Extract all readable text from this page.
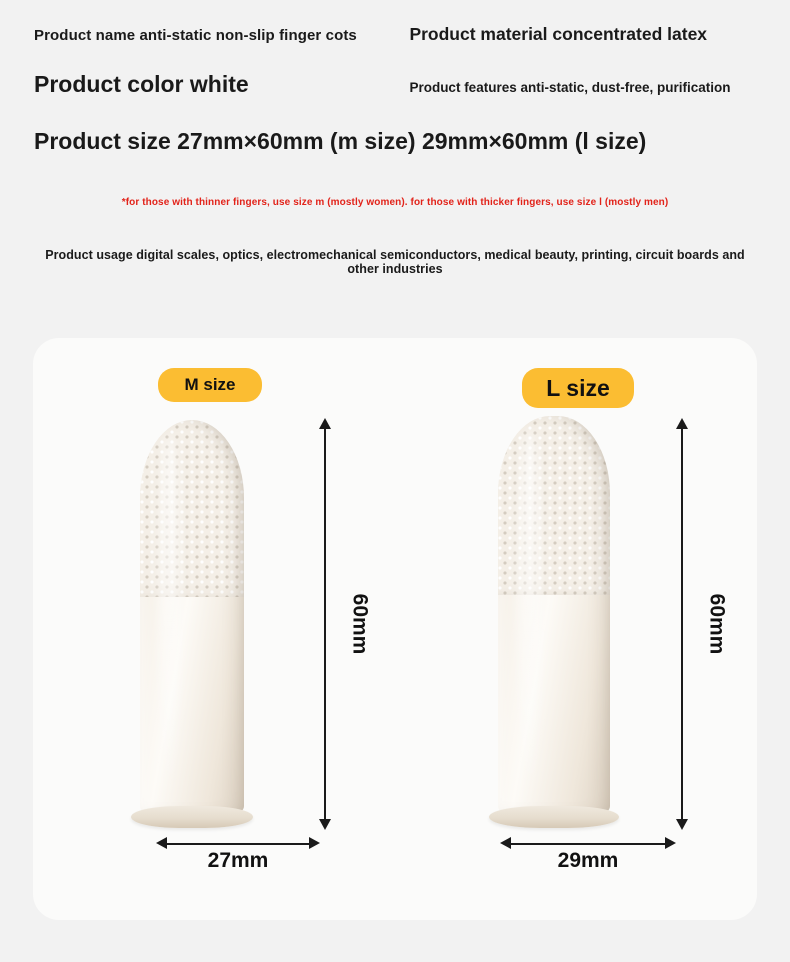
Product name anti-static non-slip finger cots	Product material concentrated latex
Product color white	Product features anti-static, dust-free, purification
Product size 27mm×60mm (m size) 29mm×60mm (l size)
*for those with thinner fingers, use size m (mostly women). for those with thicker fingers, use size l (mostly men)
Product usage digital scales, optics, electromechanical semiconductors, medical beauty, printing, circuit boards and other industries
M size
60mm
27mm
L size
60mm
29mm
